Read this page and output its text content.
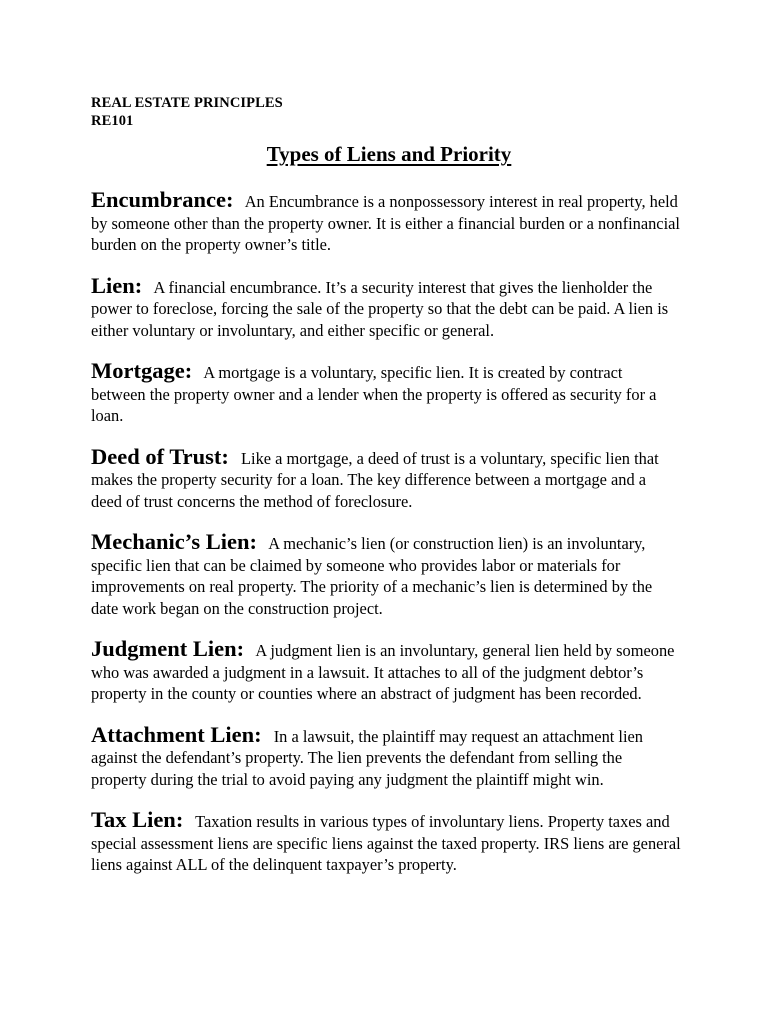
REAL ESTATE PRINCIPLES
RE101
Types of Liens and Priority

Encumbrance: An Encumbrance is a nonpossessory interest in real property, held by someone other than the property owner. It is either a financial burden or a nonfinancial burden on the property owner’s title.

Lien: A financial encumbrance. It’s a security interest that gives the lienholder the power to foreclose, forcing the sale of the property so that the debt can be paid. A lien is either voluntary or involuntary, and either specific or general.

Mortgage: A mortgage is a voluntary, specific lien. It is created by contract between the property owner and a lender when the property is offered as security for a loan.

Deed of Trust: Like a mortgage, a deed of trust is a voluntary, specific lien that makes the property security for a loan. The key difference between a mortgage and a deed of trust concerns the method of foreclosure.

Mechanic’s Lien: A mechanic’s lien (or construction lien) is an involuntary, specific lien that can be claimed by someone who provides labor or materials for improvements on real property. The priority of a mechanic’s lien is determined by the date work began on the construction project.

Judgment Lien: A judgment lien is an involuntary, general lien held by someone who was awarded a judgment in a lawsuit. It attaches to all of the judgment debtor’s property in the county or counties where an abstract of judgment has been recorded.

Attachment Lien: In a lawsuit, the plaintiff may request an attachment lien against the defendant’s property. The lien prevents the defendant from selling the property during the trial to avoid paying any judgment the plaintiff might win.

Tax Lien: Taxation results in various types of involuntary liens. Property taxes and special assessment liens are specific liens against the taxed property. IRS liens are general liens against ALL of the delinquent taxpayer’s property.
